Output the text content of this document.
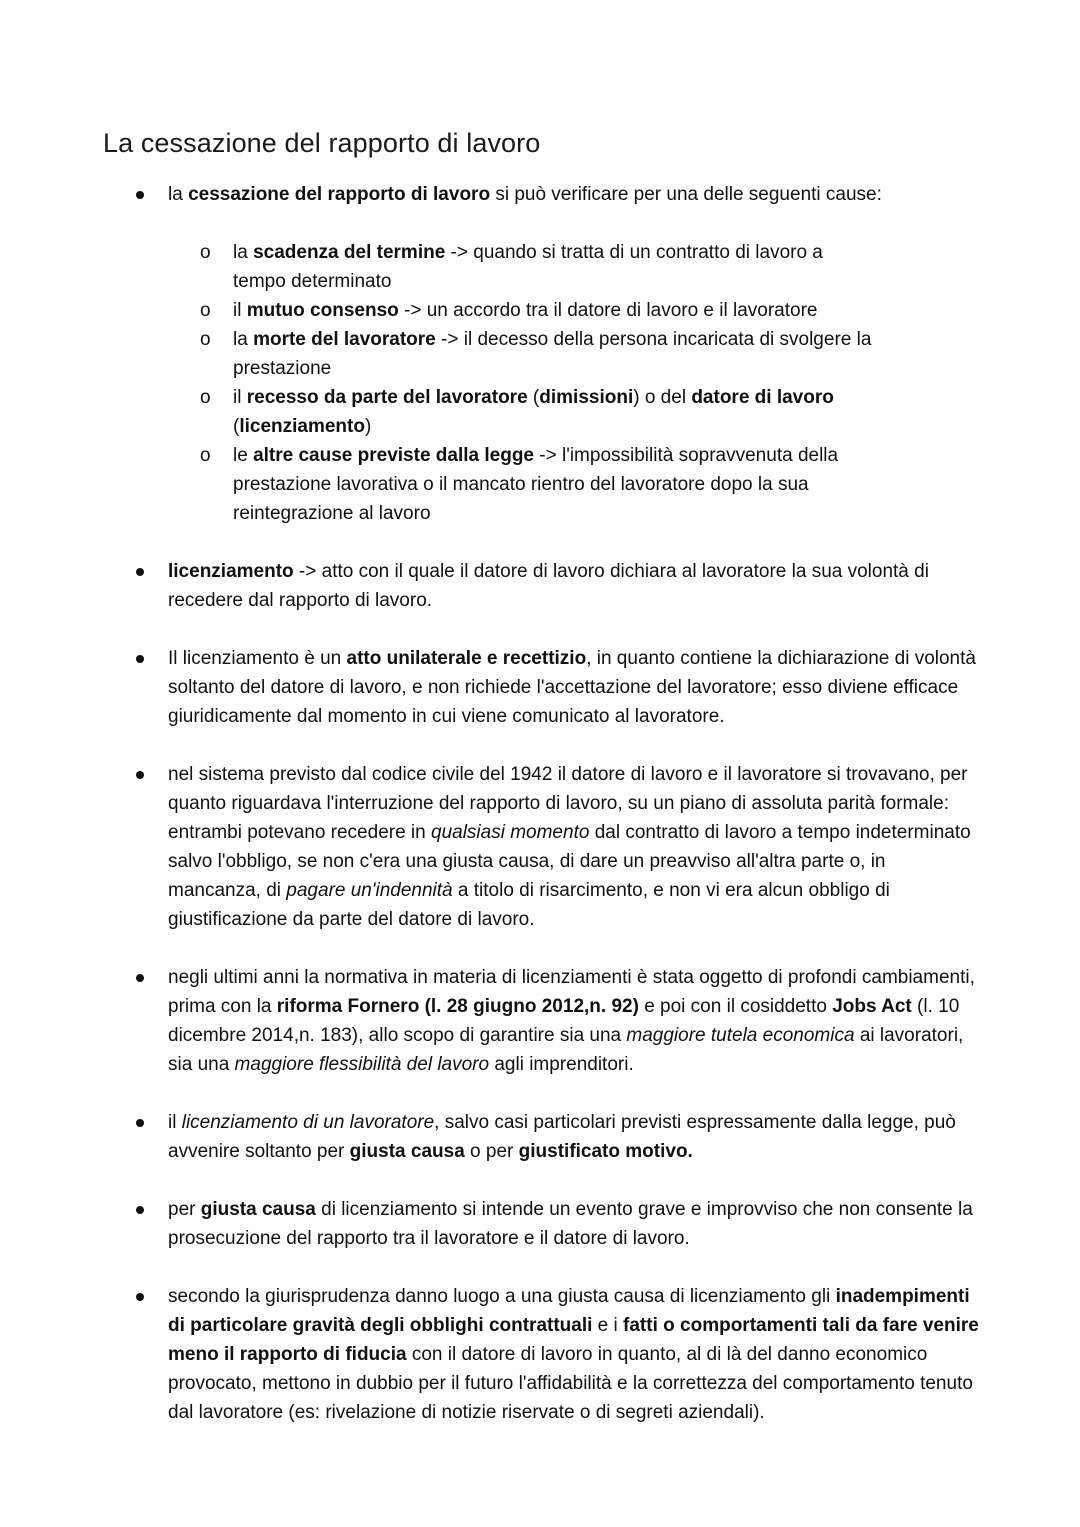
La cessazione del rapporto di lavoro
la cessazione del rapporto di lavoro si può verificare per una delle seguenti cause:
o la scadenza del termine -> quando si tratta di un contratto di lavoro a tempo determinato
o il mutuo consenso -> un accordo tra il datore di lavoro e il lavoratore
o la morte del lavoratore -> il decesso della persona incaricata di svolgere la prestazione
o il recesso da parte del lavoratore (dimissioni) o del datore di lavoro (licenziamento)
o le altre cause previste dalla legge -> l'impossibilità sopravvenuta della prestazione lavorativa o il mancato rientro del lavoratore dopo la sua reintegrazione al lavoro
licenziamento -> atto con il quale il datore di lavoro dichiara al lavoratore la sua volontà di recedere dal rapporto di lavoro.
Il licenziamento è un atto unilaterale e recettizio, in quanto contiene la dichiarazione di volontà soltanto del datore di lavoro, e non richiede l'accettazione del lavoratore; esso diviene efficace giuridicamente dal momento in cui viene comunicato al lavoratore.
nel sistema previsto dal codice civile del 1942 il datore di lavoro e il lavoratore si trovavano, per quanto riguardava l'interruzione del rapporto di lavoro, su un piano di assoluta parità formale: entrambi potevano recedere in qualsiasi momento dal contratto di lavoro a tempo indeterminato salvo l'obbligo, se non c'era una giusta causa, di dare un preavviso all'altra parte o, in mancanza, di pagare un'indennità a titolo di risarcimento, e non vi era alcun obbligo di giustificazione da parte del datore di lavoro.
negli ultimi anni la normativa in materia di licenziamenti è stata oggetto di profondi cambiamenti, prima con la riforma Fornero (l. 28 giugno 2012,n. 92) e poi con il cosiddetto Jobs Act (l. 10 dicembre 2014,n. 183), allo scopo di garantire sia una maggiore tutela economica ai lavoratori, sia una maggiore flessibilità del lavoro agli imprenditori.
il licenziamento di un lavoratore, salvo casi particolari previsti espressamente dalla legge, può avvenire soltanto per giusta causa o per giustificato motivo.
per giusta causa di licenziamento si intende un evento grave e improvviso che non consente la prosecuzione del rapporto tra il lavoratore e il datore di lavoro.
secondo la giurisprudenza danno luogo a una giusta causa di licenziamento gli inadempimenti di particolare gravità degli obblighi contrattuali e i fatti o comportamenti tali da fare venire meno il rapporto di fiducia con il datore di lavoro in quanto, al di là del danno economico provocato, mettono in dubbio per il futuro l'affidabilità e la correttezza del comportamento tenuto dal lavoratore (es: rivelazione di notizie riservate o di segreti aziendali).
